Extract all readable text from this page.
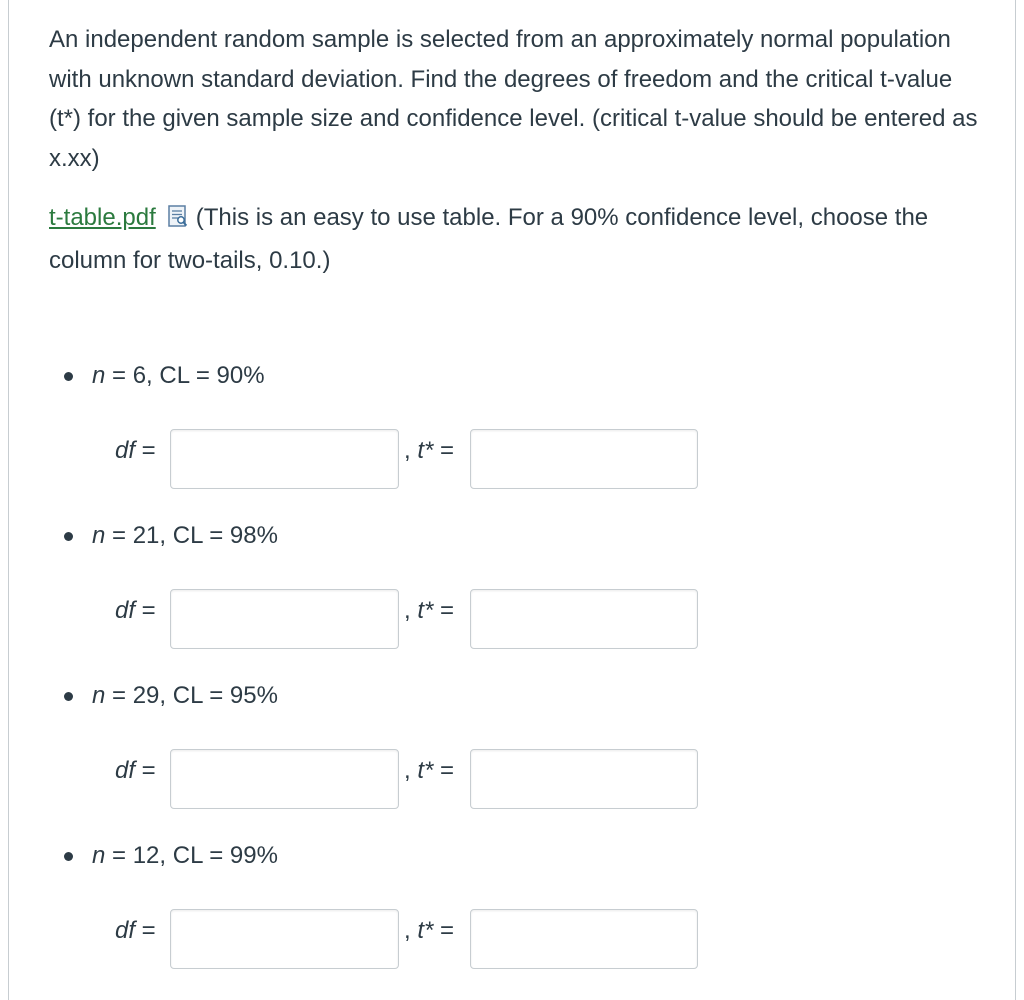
An independent random sample is selected from an approximately normal population with unknown standard deviation. Find the degrees of freedom and the critical t-value (t*) for the given sample size and confidence level. (critical t-value should be entered as x.xx)

t-table.pdf (This is an easy to use table. For a 90% confidence level, choose the column for two-tails, 0.10.)

n = 6, CL = 90%
df =	, t* =
n = 21, CL = 98%
df =	, t* =
n = 29, CL = 95%
df =	, t* =
n = 12, CL = 99%
df =	, t* =
